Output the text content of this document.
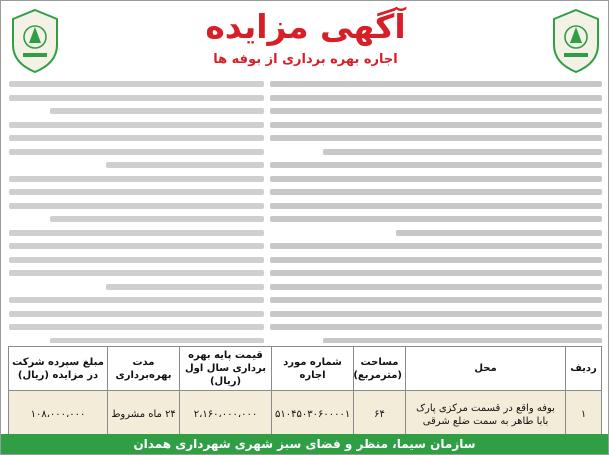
آگهی مزایده
اجاره بهره برداری از بوفه ها
ردیف	محل	مساحت (مترمربع)	شماره مورد اجاره	قیمت پایه بهره برداری سال اول (ریال)	مدت بهره‌برداری	مبلغ سپرده شرکت در مزایده (ریال)
۱	بوفه واقع در قسمت مرکزی پارک بابا طاهر به سمت ضلع شرقی	۶۴	۵۱۰۴۵۰۳۰۶۰۰۰۰۱	۲،۱۶۰،۰۰۰،۰۰۰	۲۴ ماه مشروط	۱۰۸،۰۰۰،۰۰۰
سازمان سیما، منظر و فضای سبز شهری شهرداری همدان
